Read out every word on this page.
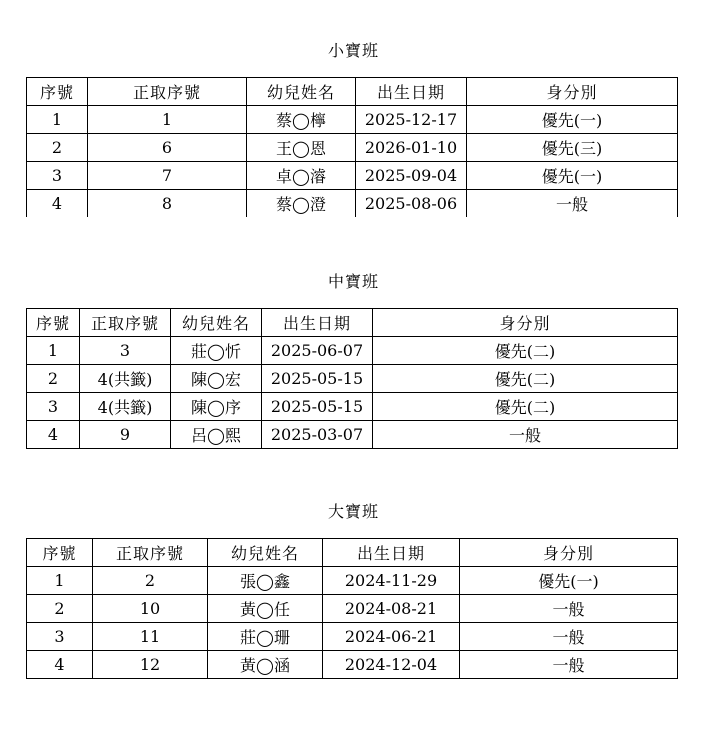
小寶班
序號	正取序號	幼兒姓名	出生日期	身分別
1	1	蔡◯檸	2025-12-17	優先(一)
2	6	王◯恩	2026-01-10	優先(三)
3	7	卓◯濬	2025-09-04	優先(一)
4	8	蔡◯澄	2025-08-06	一般
中寶班
序號	正取序號	幼兒姓名	出生日期	身分別
1	3	莊◯忻	2025-06-07	優先(二)
2	4(共籤)	陳◯宏	2025-05-15	優先(二)
3	4(共籤)	陳◯序	2025-05-15	優先(二)
4	9	呂◯熙	2025-03-07	一般
大寶班
序號	正取序號	幼兒姓名	出生日期	身分別
1	2	張◯鑫	2024-11-29	優先(一)
2	10	黃◯任	2024-08-21	一般
3	11	莊◯珊	2024-06-21	一般
4	12	黃◯涵	2024-12-04	一般
